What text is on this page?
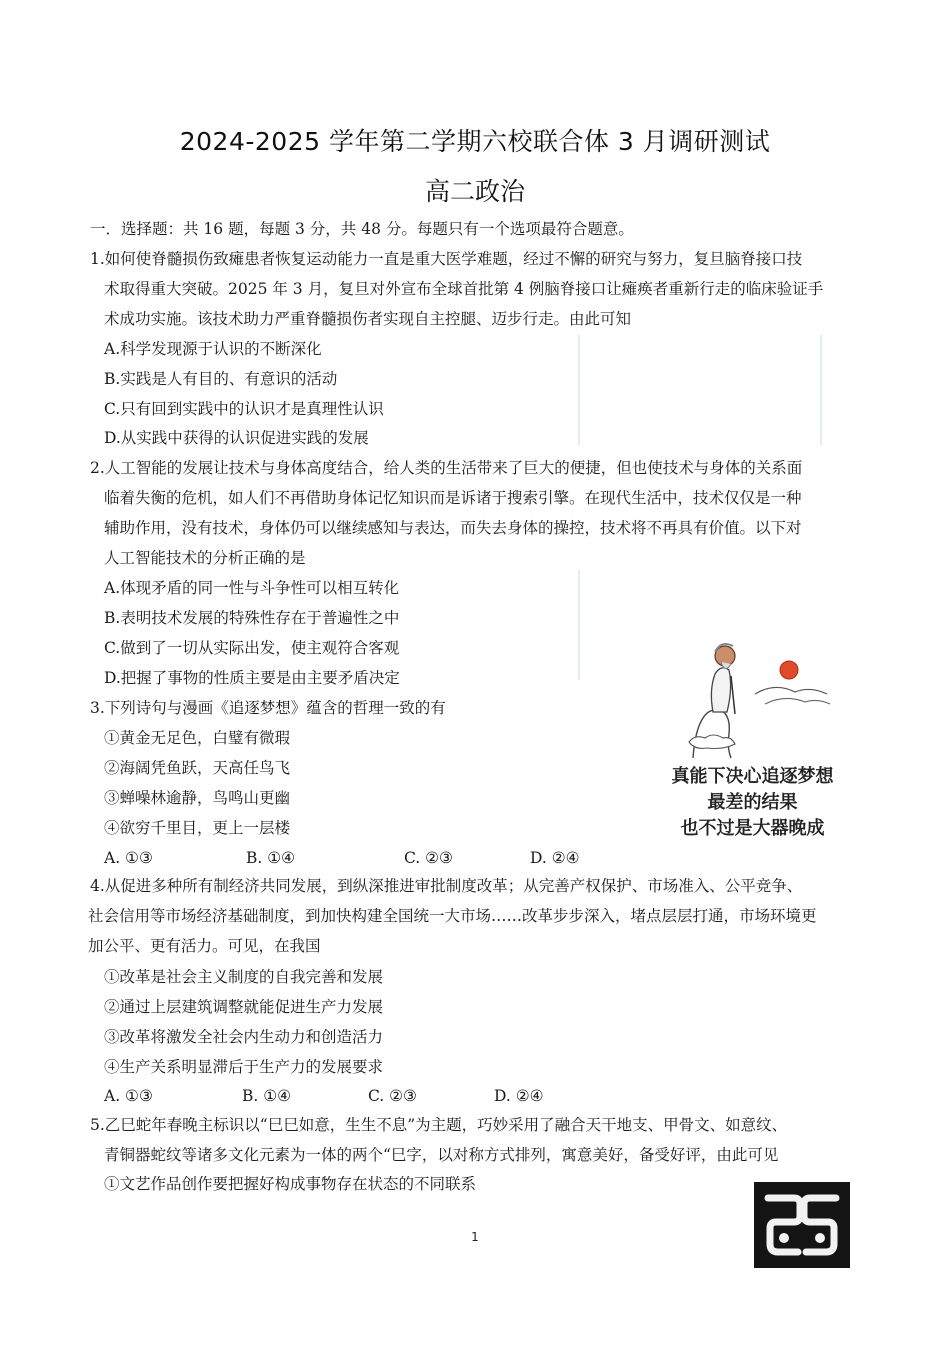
2024-2025 学年第二学期六校联合体 3 月调研测试
高二政治
一．选择题：共 16 题，每题 3 分，共 48 分。每题只有一个选项最符合题意。
1.如何使脊髓损伤致瘫患者恢复运动能力一直是重大医学难题，经过不懈的研究与努力，复旦脑脊接口技
术取得重大突破。2025 年 3 月，复旦对外宣布全球首批第 4 例脑脊接口让瘫痪者重新行走的临床验证手
术成功实施。该技术助力严重脊髓损伤者实现自主控腿、迈步行走。由此可知
A.科学发现源于认识的不断深化
B.实践是人有目的、有意识的活动
C.只有回到实践中的认识才是真理性认识
D.从实践中获得的认识促进实践的发展
2.人工智能的发展让技术与身体高度结合，给人类的生活带来了巨大的便捷，但也使技术与身体的关系面
临着失衡的危机，如人们不再借助身体记忆知识而是诉诸于搜索引擎。在现代生活中，技术仅仅是一种
辅助作用，没有技术，身体仍可以继续感知与表达，而失去身体的操控，技术将不再具有价值。以下对
人工智能技术的分析正确的是
A.体现矛盾的同一性与斗争性可以相互转化
B.表明技术发展的特殊性存在于普遍性之中
C.做到了一切从实际出发，使主观符合客观
D.把握了事物的性质主要是由主要矛盾决定
3.下列诗句与漫画《追逐梦想》蕴含的哲理一致的有
①黄金无足色，白璧有微瑕
②海阔凭鱼跃，天高任鸟飞
③蝉噪林逾静，鸟鸣山更幽
④欲穷千里目，更上一层楼
A. ①③	B. ①④	C. ②③	D. ②④
真能下决心追逐梦想
最差的结果
也不过是大器晚成
4.从促进多种所有制经济共同发展，到纵深推进审批制度改革；从完善产权保护、市场准入、公平竞争、
社会信用等市场经济基础制度，到加快构建全国统一大市场……改革步步深入，堵点层层打通，市场环境更
加公平、更有活力。可见，在我国
①改革是社会主义制度的自我完善和发展
②通过上层建筑调整就能促进生产力发展
③改革将激发全社会内生动力和创造活力
④生产关系明显滞后于生产力的发展要求
A. ①③	B. ①④	C. ②③	D. ②④
5.乙巳蛇年春晚主标识以“巳巳如意，生生不息”为主题，巧妙采用了融合天干地支、甲骨文、如意纹、
青铜器蛇纹等诸多文化元素为一体的两个“巳字，以对称方式排列，寓意美好，备受好评，由此可见
①文艺作品创作要把握好构成事物存在状态的不同联系
1
